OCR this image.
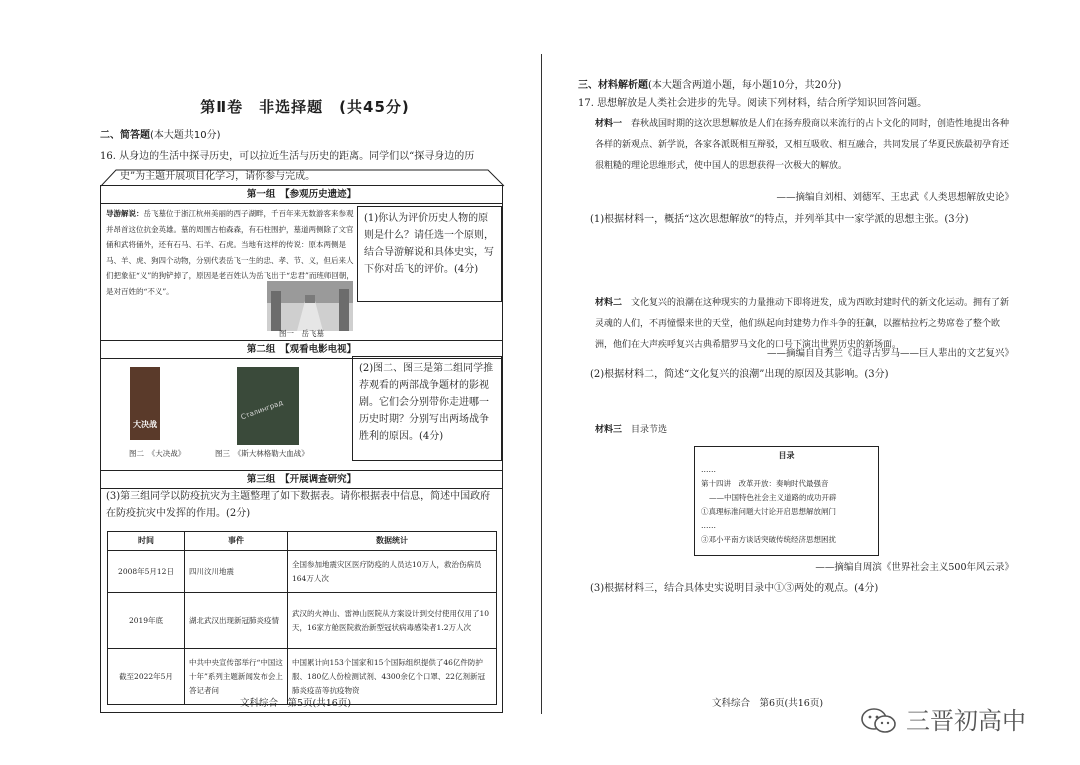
第Ⅱ卷　非选择题　(共45分)
二、简答题(本大题共10分)
16. 从身边的生活中探寻历史，可以拉近生活与历史的距离。同学们以“探寻身边的历
　　史”为主题开展项目化学习，请你参与完成。
第一组　【参观历史遗迹】
导游解说：岳飞墓位于浙江杭州美丽的西子湖畔，千百年来无数游客来参观并昂首这位抗金英雄。墓的周围古柏森森，有石柱围护，墓道两侧除了文官俑和武将俑外，还有石马、石羊、石虎。当地有这样的传说：原本两侧是马、羊、虎、狗四个动物，分别代表岳飞一生的忠、孝、节、义，但后来人们把象征“义”的狗铲掉了，原因是老百姓认为岳飞出于“忠君”而班师回朝，是对百姓的“不义”。
图一　岳飞墓
(1)你认为评价历史人物的原则是什么？请任选一个原则，结合导游解说和具体史实，写下你对岳飞的评价。(4分)
第二组　【观看电影电视】
大决战
Сталинград
图二　《大决战》	图三　《斯大林格勒大血战》
(2)图二、图三是第二组同学推荐观看的两部战争题材的影视剧。它们会分别带你走进哪一历史时期？分别写出两场战争胜利的原因。(4分)
第三组　【开展调查研究】
(3)第三组同学以防疫抗灾为主题整理了如下数据表。请你根据表中信息，简述中国政府在防疫抗灾中发挥的作用。(2分)
时间	事件	数据统计
2008年5月12日	四川汶川地震	全国参加地震灾区医疗防疫的人员达10万人，救治伤病员164万人次
2019年底	湖北武汉出现新冠肺炎疫情	武汉的火神山、雷神山医院从方案设计到交付使用仅用了10天，16家方舱医院救治新型冠状病毒感染者1.2万人次
截至2022年5月	中共中央宣传部举行“中国这十年”系列主题新闻发布会上答记者问	中国累计向153个国家和15个国际组织提供了46亿件防护服、180亿人份检测试剂、4300余亿个口罩、22亿剂新冠肺炎疫苗等抗疫物资
文科综合　第5页(共16页)
三、材料解析题(本大题含两道小题，每小题10分，共20分)
17. 思想解放是人类社会进步的先导。阅读下列材料，结合所学知识回答问题。
材料一　 春秋战国时期的这次思想解放是人们在扬弃殷商以来流行的占卜文化的同时，创造性地提出各种各样的新观点、新学说，各家各派既相互辩驳，又相互吸收、相互融合，共同发展了华夏民族最初孕育还很粗糙的理论思维形式，使中国人的思想获得一次极大的解放。
——摘编自刘相、刘德军、王忠武《人类思想解放史论》
(1)根据材料一，概括“这次思想解放”的特点，并列举其中一家学派的思想主张。(3分)
材料二　 文化复兴的浪潮在这种现实的力量推动下即将迸发，成为西欧封建时代的新文化运动。拥有了新灵魂的人们，不再憧憬来世的天堂，他们纵起向封建势力作斗争的狂飙，以摧枯拉朽之势席卷了整个欧洲，他们在大声疾呼复兴古典希腊罗马文化的口号下演出世界历史的新场面。
——摘编自自秀兰《追寻古罗马——巨人辈出的文艺复兴》
(2)根据材料二，简述“文化复兴的浪潮”出现的原因及其影响。(3分)
材料三　 目录节选
目录
……
第十四讲　改革开放：奏响时代最强音
——中国特色社会主义道路的成功开辟
①真理标准问题大讨论开启思想解放闸门
……
③邓小平南方谈话突破传统经济思想困扰
——摘编自周滨《世界社会主义500年风云录》
(3)根据材料三，结合具体史实说明目录中①③两处的观点。(4分)
文科综合　第6页(共16页)
三晋初高中
